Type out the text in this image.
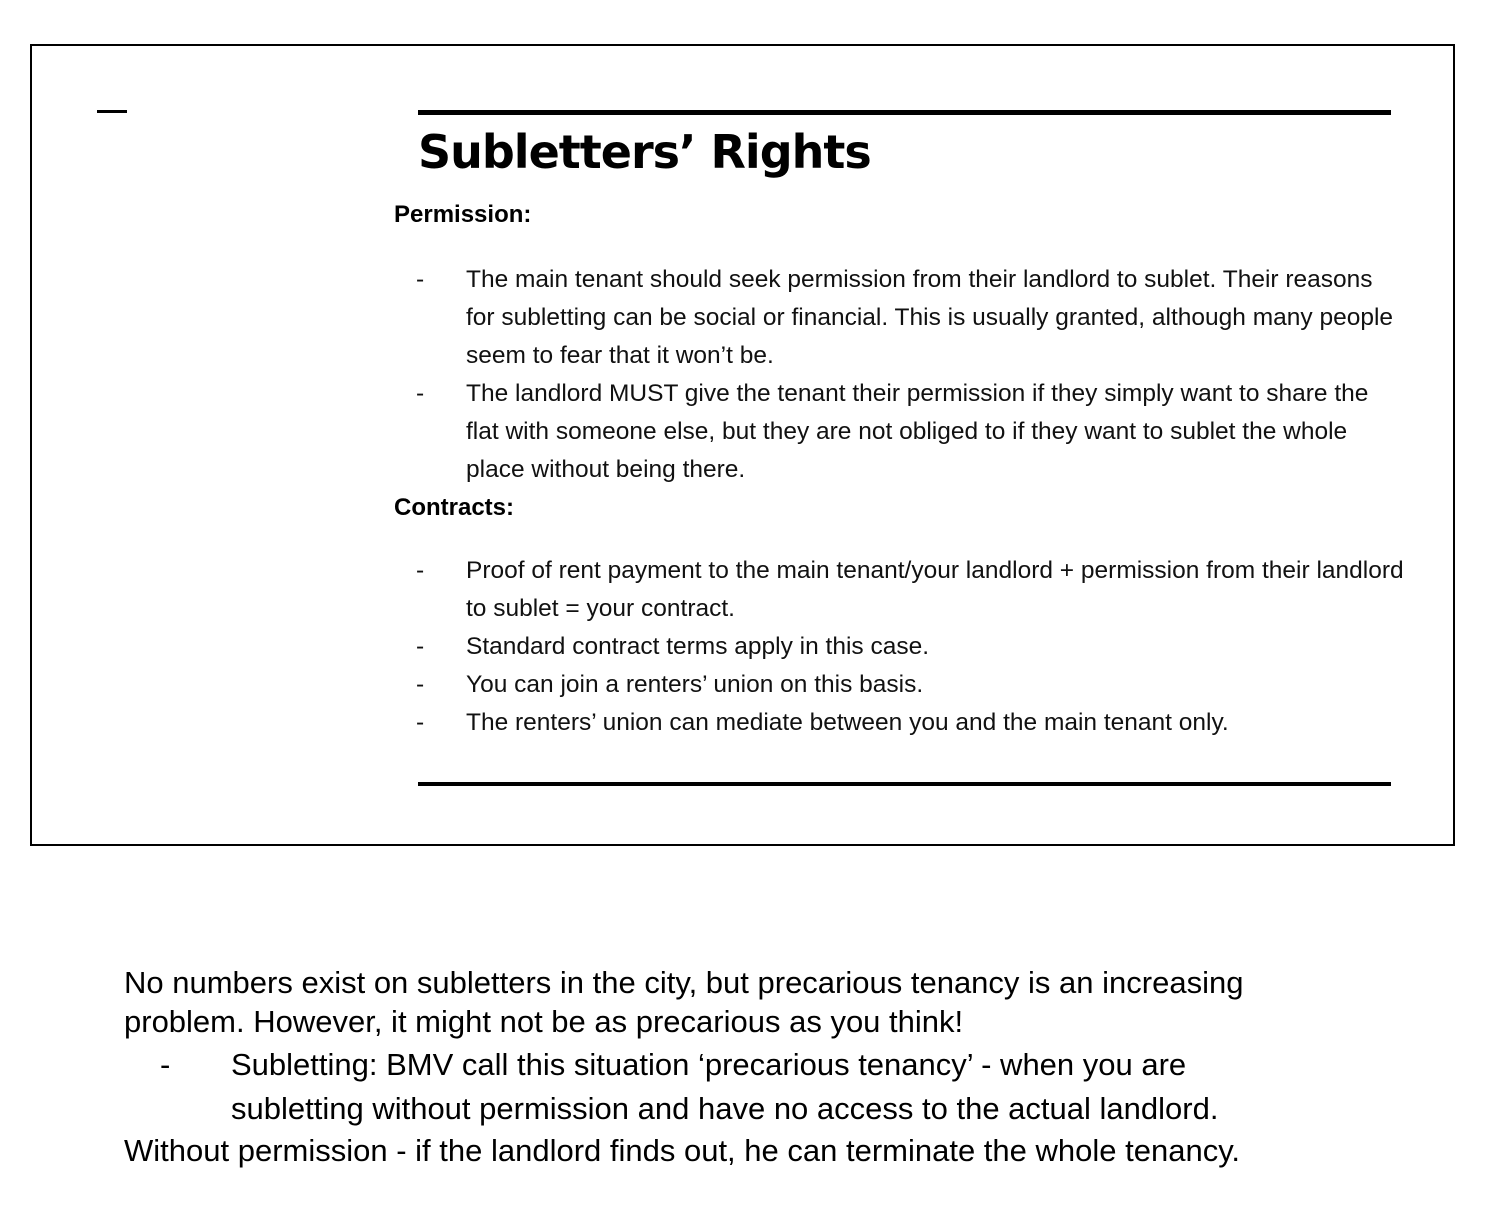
Subletters’ Rights
Permission:
- The main tenant should seek permission from their landlord to sublet. Their reasons for subletting can be social or financial. This is usually granted, although many people seem to fear that it won’t be.
- The landlord MUST give the tenant their permission if they simply want to share the flat with someone else, but they are not obliged to if they want to sublet the whole place without being there.
Contracts:
- Proof of rent payment to the main tenant/your landlord + permission from their landlord to sublet = your contract.
- Standard contract terms apply in this case.
- You can join a renters’ union on this basis.
- The renters’ union can mediate between you and the main tenant only.

No numbers exist on subletters in the city, but precarious tenancy is an increasing

problem. However, it might not be as precarious as you think!

- Subletting: BMV call this situation ‘precarious tenancy’ - when you are subletting without permission and have no access to the actual landlord.

Without permission - if the landlord finds out, he can terminate the whole tenancy.
